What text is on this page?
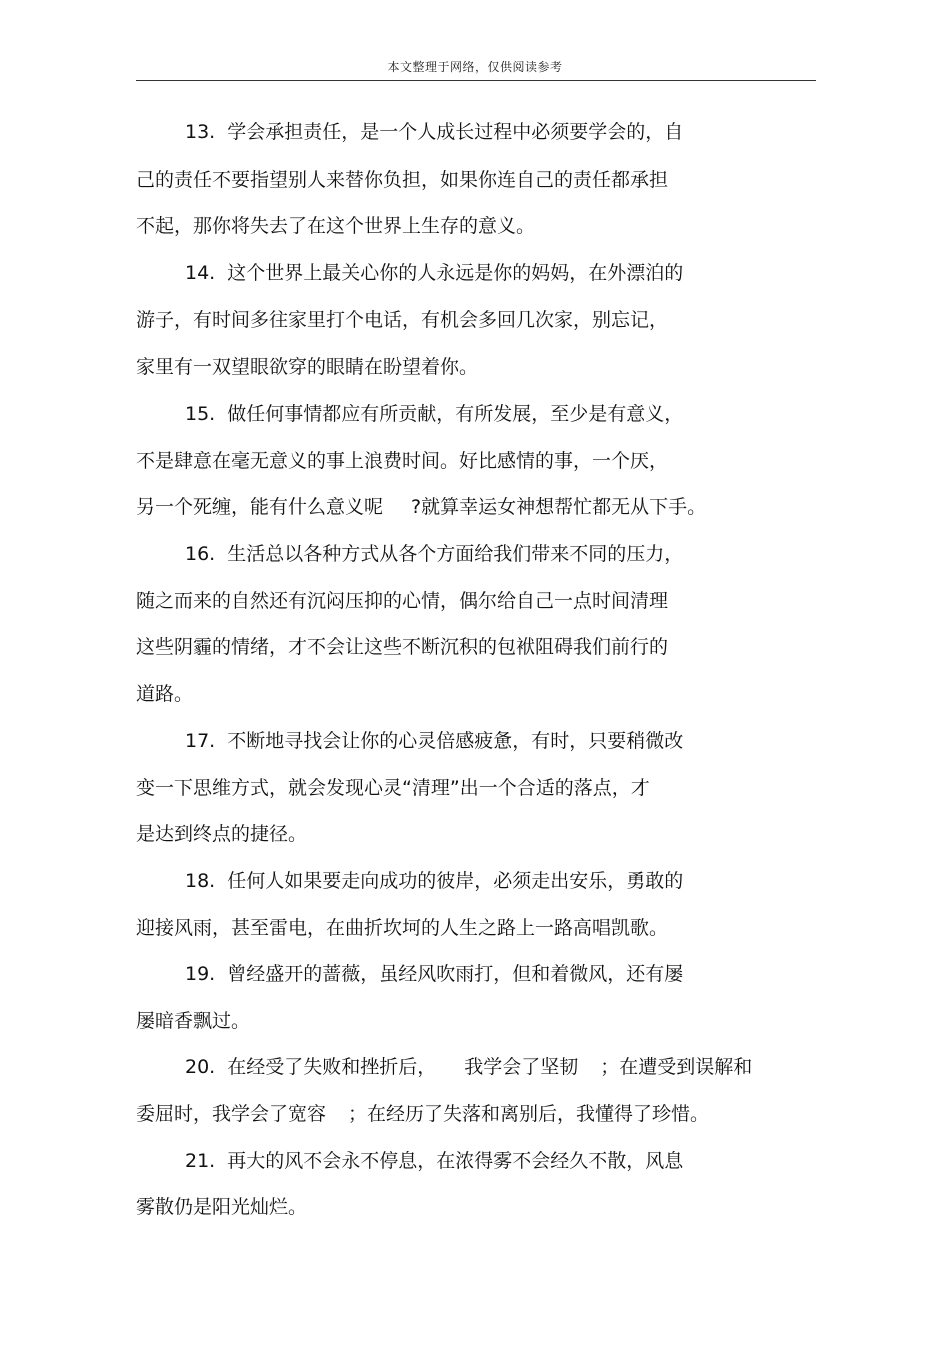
本文整理于网络，仅供阅读参考
13. 学会承担责任，是一个人成长过程中必须要学会的，自
己的责任不要指望别人来替你负担，如果你连自己的责任都承担
不起，那你将失去了在这个世界上生存的意义。
14. 这个世界上最关心你的人永远是你的妈妈，在外漂泊的
游子，有时间多往家里打个电话，有机会多回几次家，别忘记，
家里有一双望眼欲穿的眼睛在盼望着你。
15. 做任何事情都应有所贡献，有所发展，至少是有意义，
不是肆意在毫无意义的事上浪费时间。好比感情的事，一个厌，
另一个死缠，能有什么意义呢 ?就算幸运女神想帮忙都无从下手。
16. 生活总以各种方式从各个方面给我们带来不同的压力，
随之而来的自然还有沉闷压抑的心情，偶尔给自己一点时间清理
这些阴霾的情绪，才不会让这些不断沉积的包袱阻碍我们前行的
道路。
17. 不断地寻找会让你的心灵倍感疲惫，有时，只要稍微改
变一下思维方式，就会发现心灵“清理”出一个合适的落点，才
是达到终点的捷径。
18. 任何人如果要走向成功的彼岸，必须走出安乐，勇敢的
迎接风雨，甚至雷电，在曲折坎坷的人生之路上一路高唱凯歌。
19. 曾经盛开的蔷薇，虽经风吹雨打，但和着微风，还有屡
屡暗香飘过。
20. 在经受了失败和挫折后， 我学会了坚韧 ；在遭受到误解和
委屈时，我学会了宽容 ；在经历了失落和离别后，我懂得了珍惜。
21. 再大的风不会永不停息，在浓得雾不会经久不散，风息
雾散仍是阳光灿烂。
